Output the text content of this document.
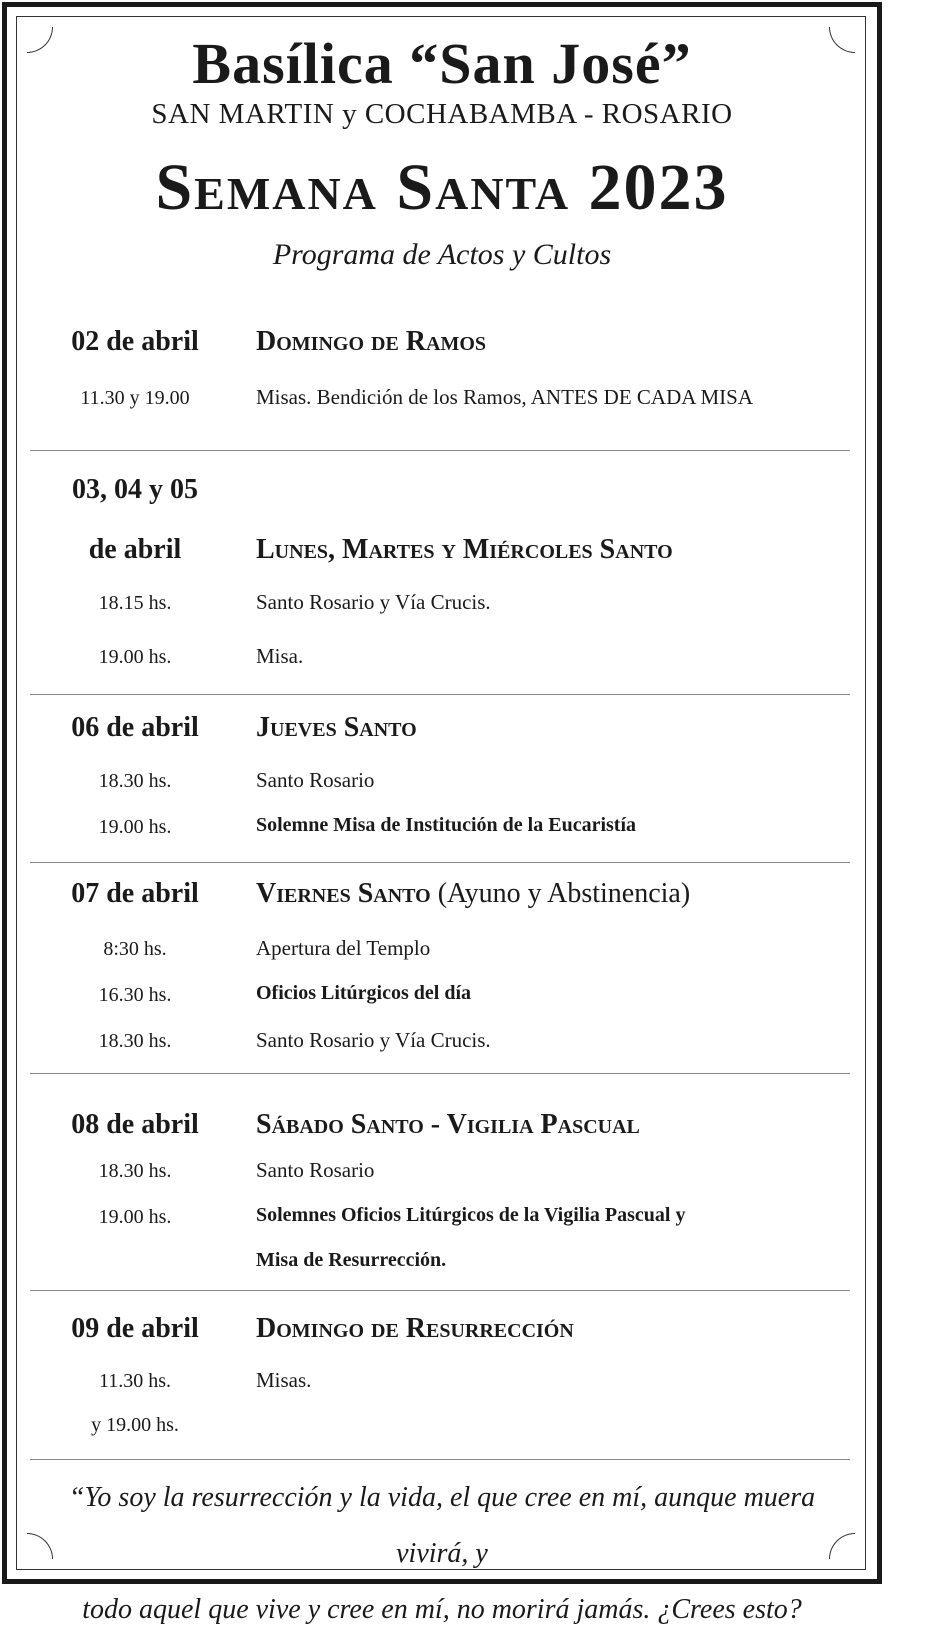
Basílica “San José”
SAN MARTIN y COCHABAMBA - ROSARIO
Semana Santa 2023
Programa de Actos y Cultos
02 de abril	Domingo de Ramos
11.30 y 19.00	Misas. Bendición de los Ramos, ANTES DE CADA MISA
03, 04 y 05
de abril	Lunes, Martes y Miércoles Santo
18.15 hs.	Santo Rosario y Vía Crucis.
19.00 hs.	Misa.
06 de abril	Jueves Santo
18.30 hs.	Santo Rosario
19.00 hs.	Solemne Misa de Institución de la Eucaristía
07 de abril	Viernes Santo (Ayuno y Abstinencia)
8:30 hs.	Apertura del Templo
16.30 hs.	Oficios Litúrgicos del día
18.30 hs.	Santo Rosario y Vía Crucis.
08 de abril	Sábado Santo - Vigilia Pascual
18.30 hs.	Santo Rosario
19.00 hs.	Solemnes Oficios Litúrgicos de la Vigilia Pascual y
Misa de Resurrección.
09 de abril	Domingo de Resurrección
11.30 hs.	Misas.
y 19.00 hs.
“Yo soy la resurrección y la vida, el que cree en mí, aunque muera vivirá, y
todo aquel que vive y cree en mí, no morirá jamás. ¿Crees esto?
